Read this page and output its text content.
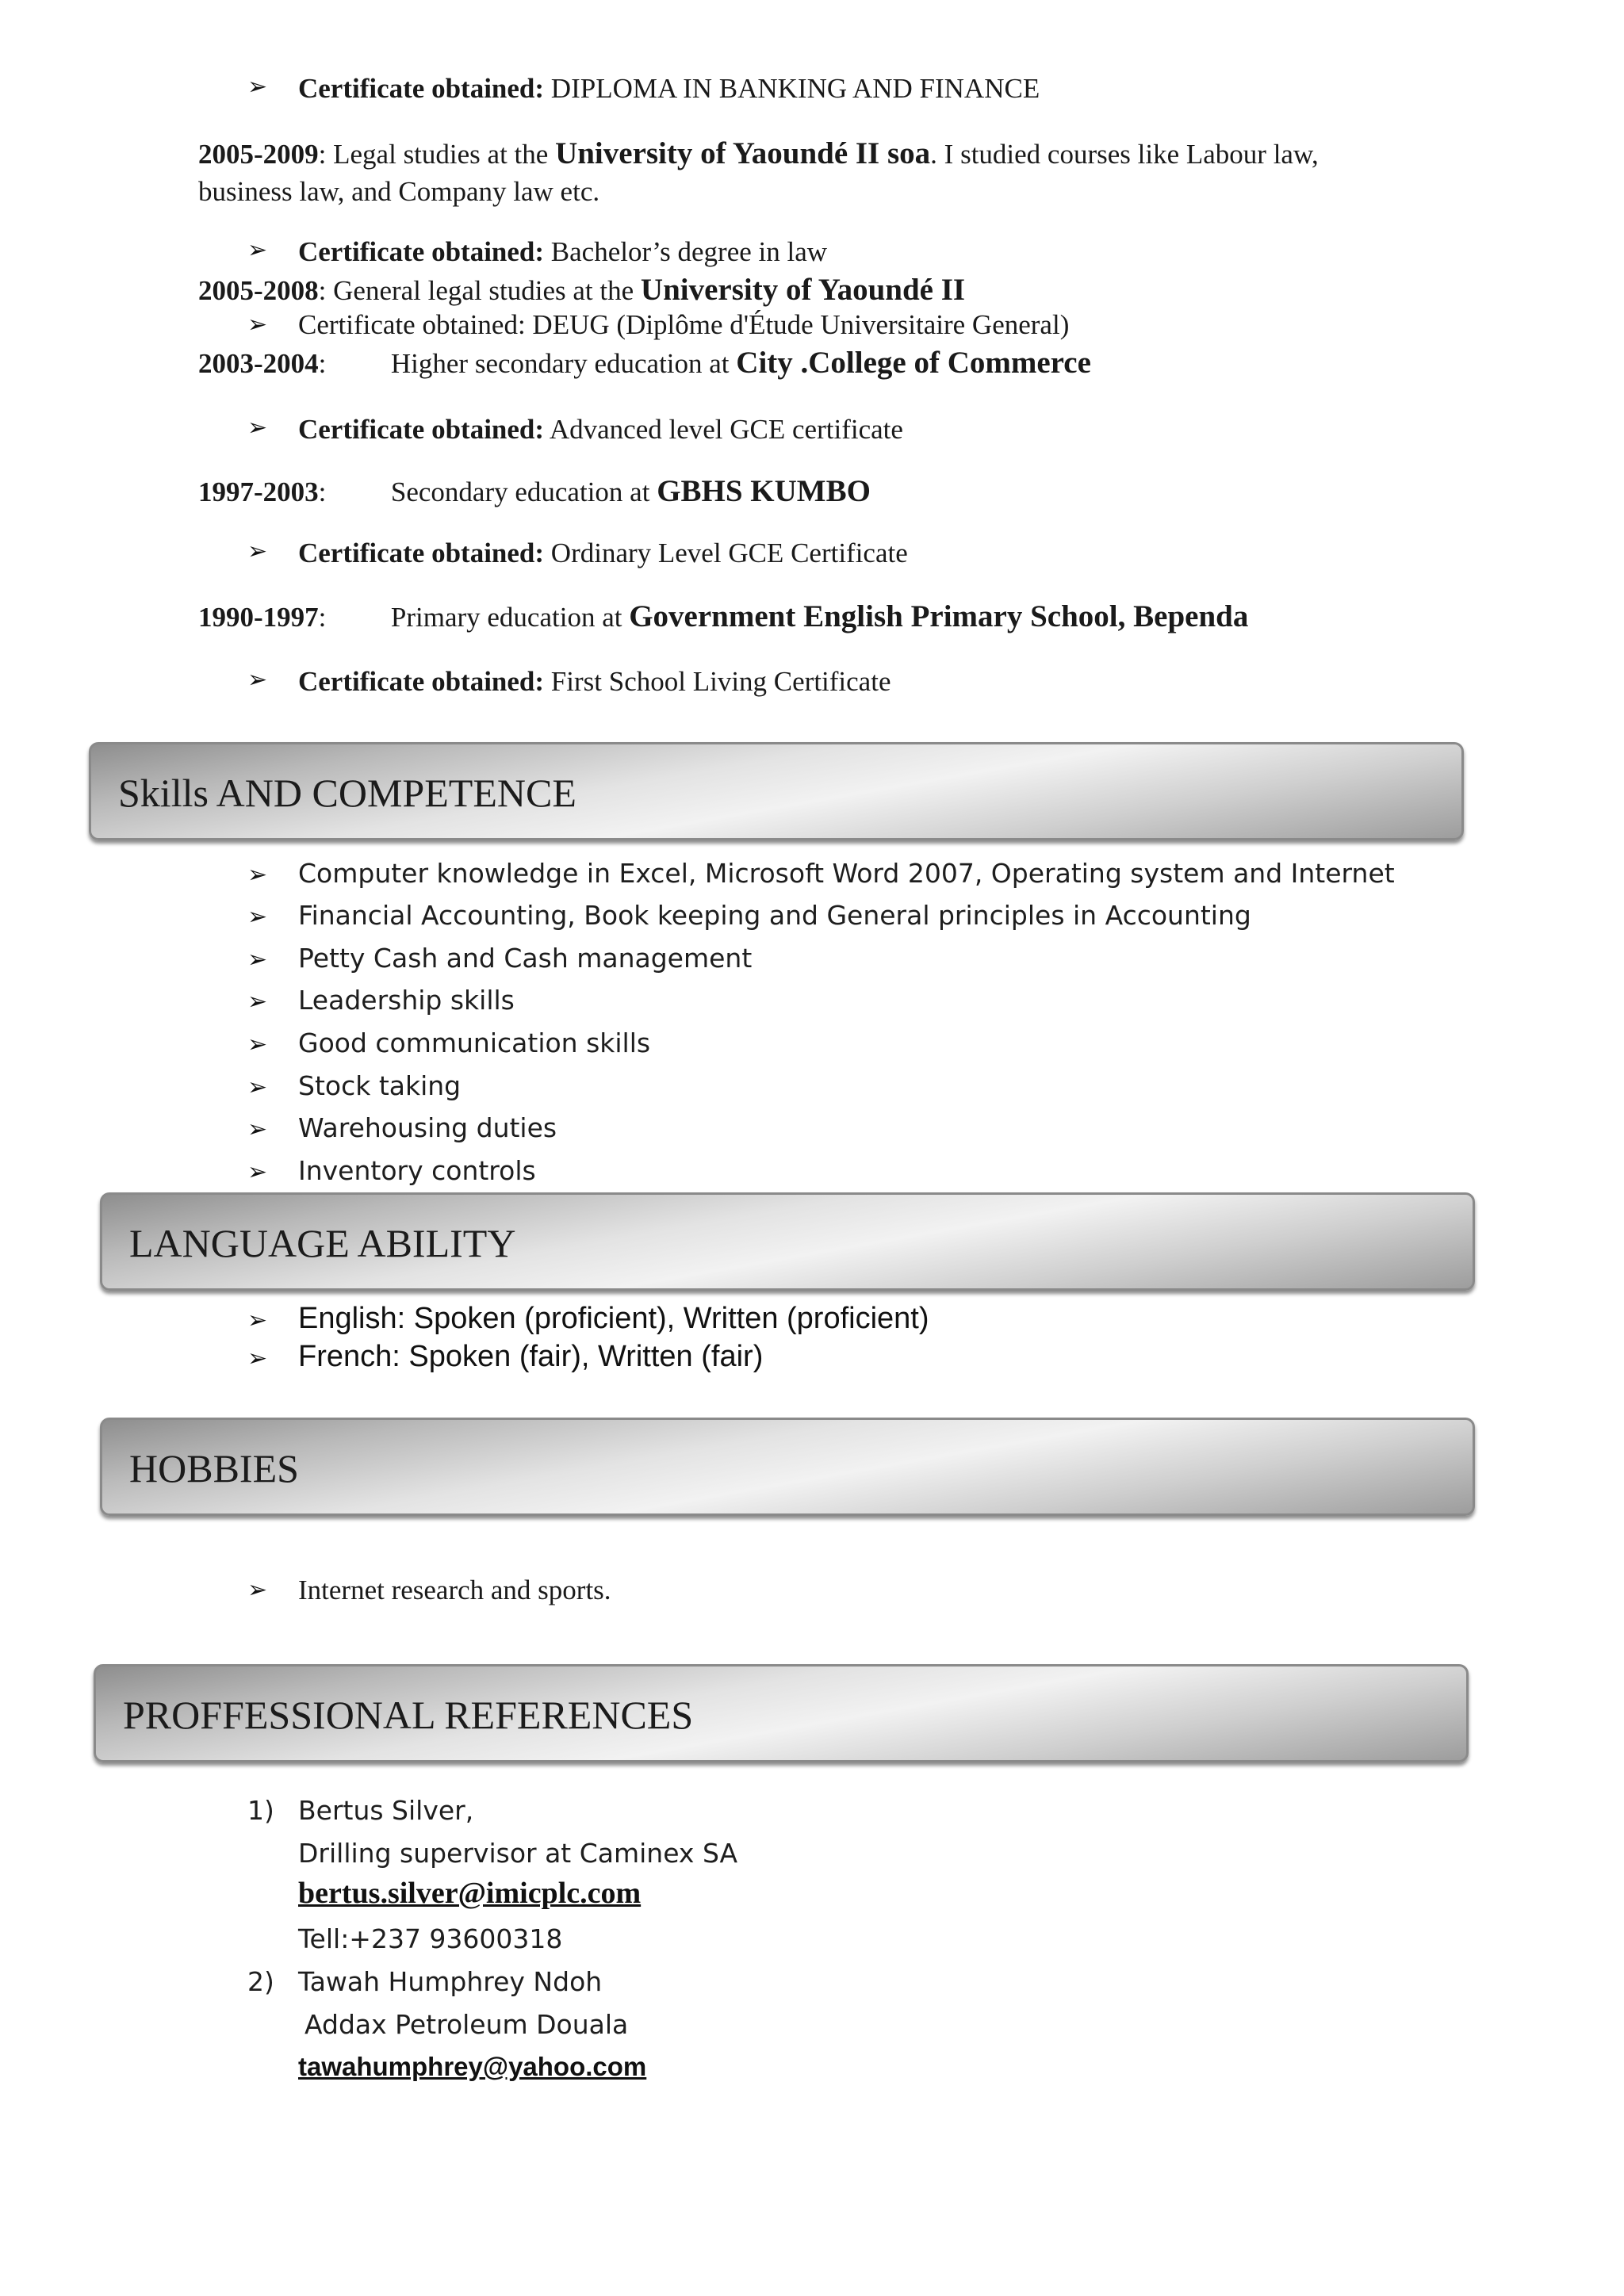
➢ Certificate obtained: DIPLOMA IN BANKING AND FINANCE
2005-2009: Legal studies at the University of Yaoundé II soa. I studied courses like Labour law,
business law, and Company law etc.
➢ Certificate obtained: Bachelor’s degree in law
2005-2008: General legal studies at the University of Yaoundé II
➢ Certificate obtained: DEUG (Diplôme d'Étude Universitaire General)
2003-2004:  Higher secondary education at City .College of Commerce
➢ Certificate obtained: Advanced level GCE certificate
1997-2003:  Secondary education at GBHS KUMBO
➢ Certificate obtained: Ordinary Level GCE Certificate
1990-1997:  Primary education at Government English Primary School, Bependa
➢ Certificate obtained: First School Living Certificate
Skills AND COMPETENCE
➢ Computer knowledge in Excel, Microsoft Word 2007, Operating system and Internet
➢ Financial Accounting, Book keeping and General principles in Accounting
➢ Petty Cash and Cash management
➢ Leadership skills
➢ Good communication skills
➢ Stock taking
➢ Warehousing duties
➢ Inventory controls
LANGUAGE ABILITY
➢ English: Spoken (proficient), Written (proficient)
➢ French: Spoken (fair), Written (fair)
HOBBIES
➢ Internet research and sports.
PROFFESSIONAL REFERENCES
1) Bertus Silver,
Drilling supervisor at Caminex SA
bertus.silver@imicplc.com
Tell:+237 93600318
2) Tawah Humphrey Ndoh
Addax Petroleum Douala
tawahumphrey@yahoo.com
